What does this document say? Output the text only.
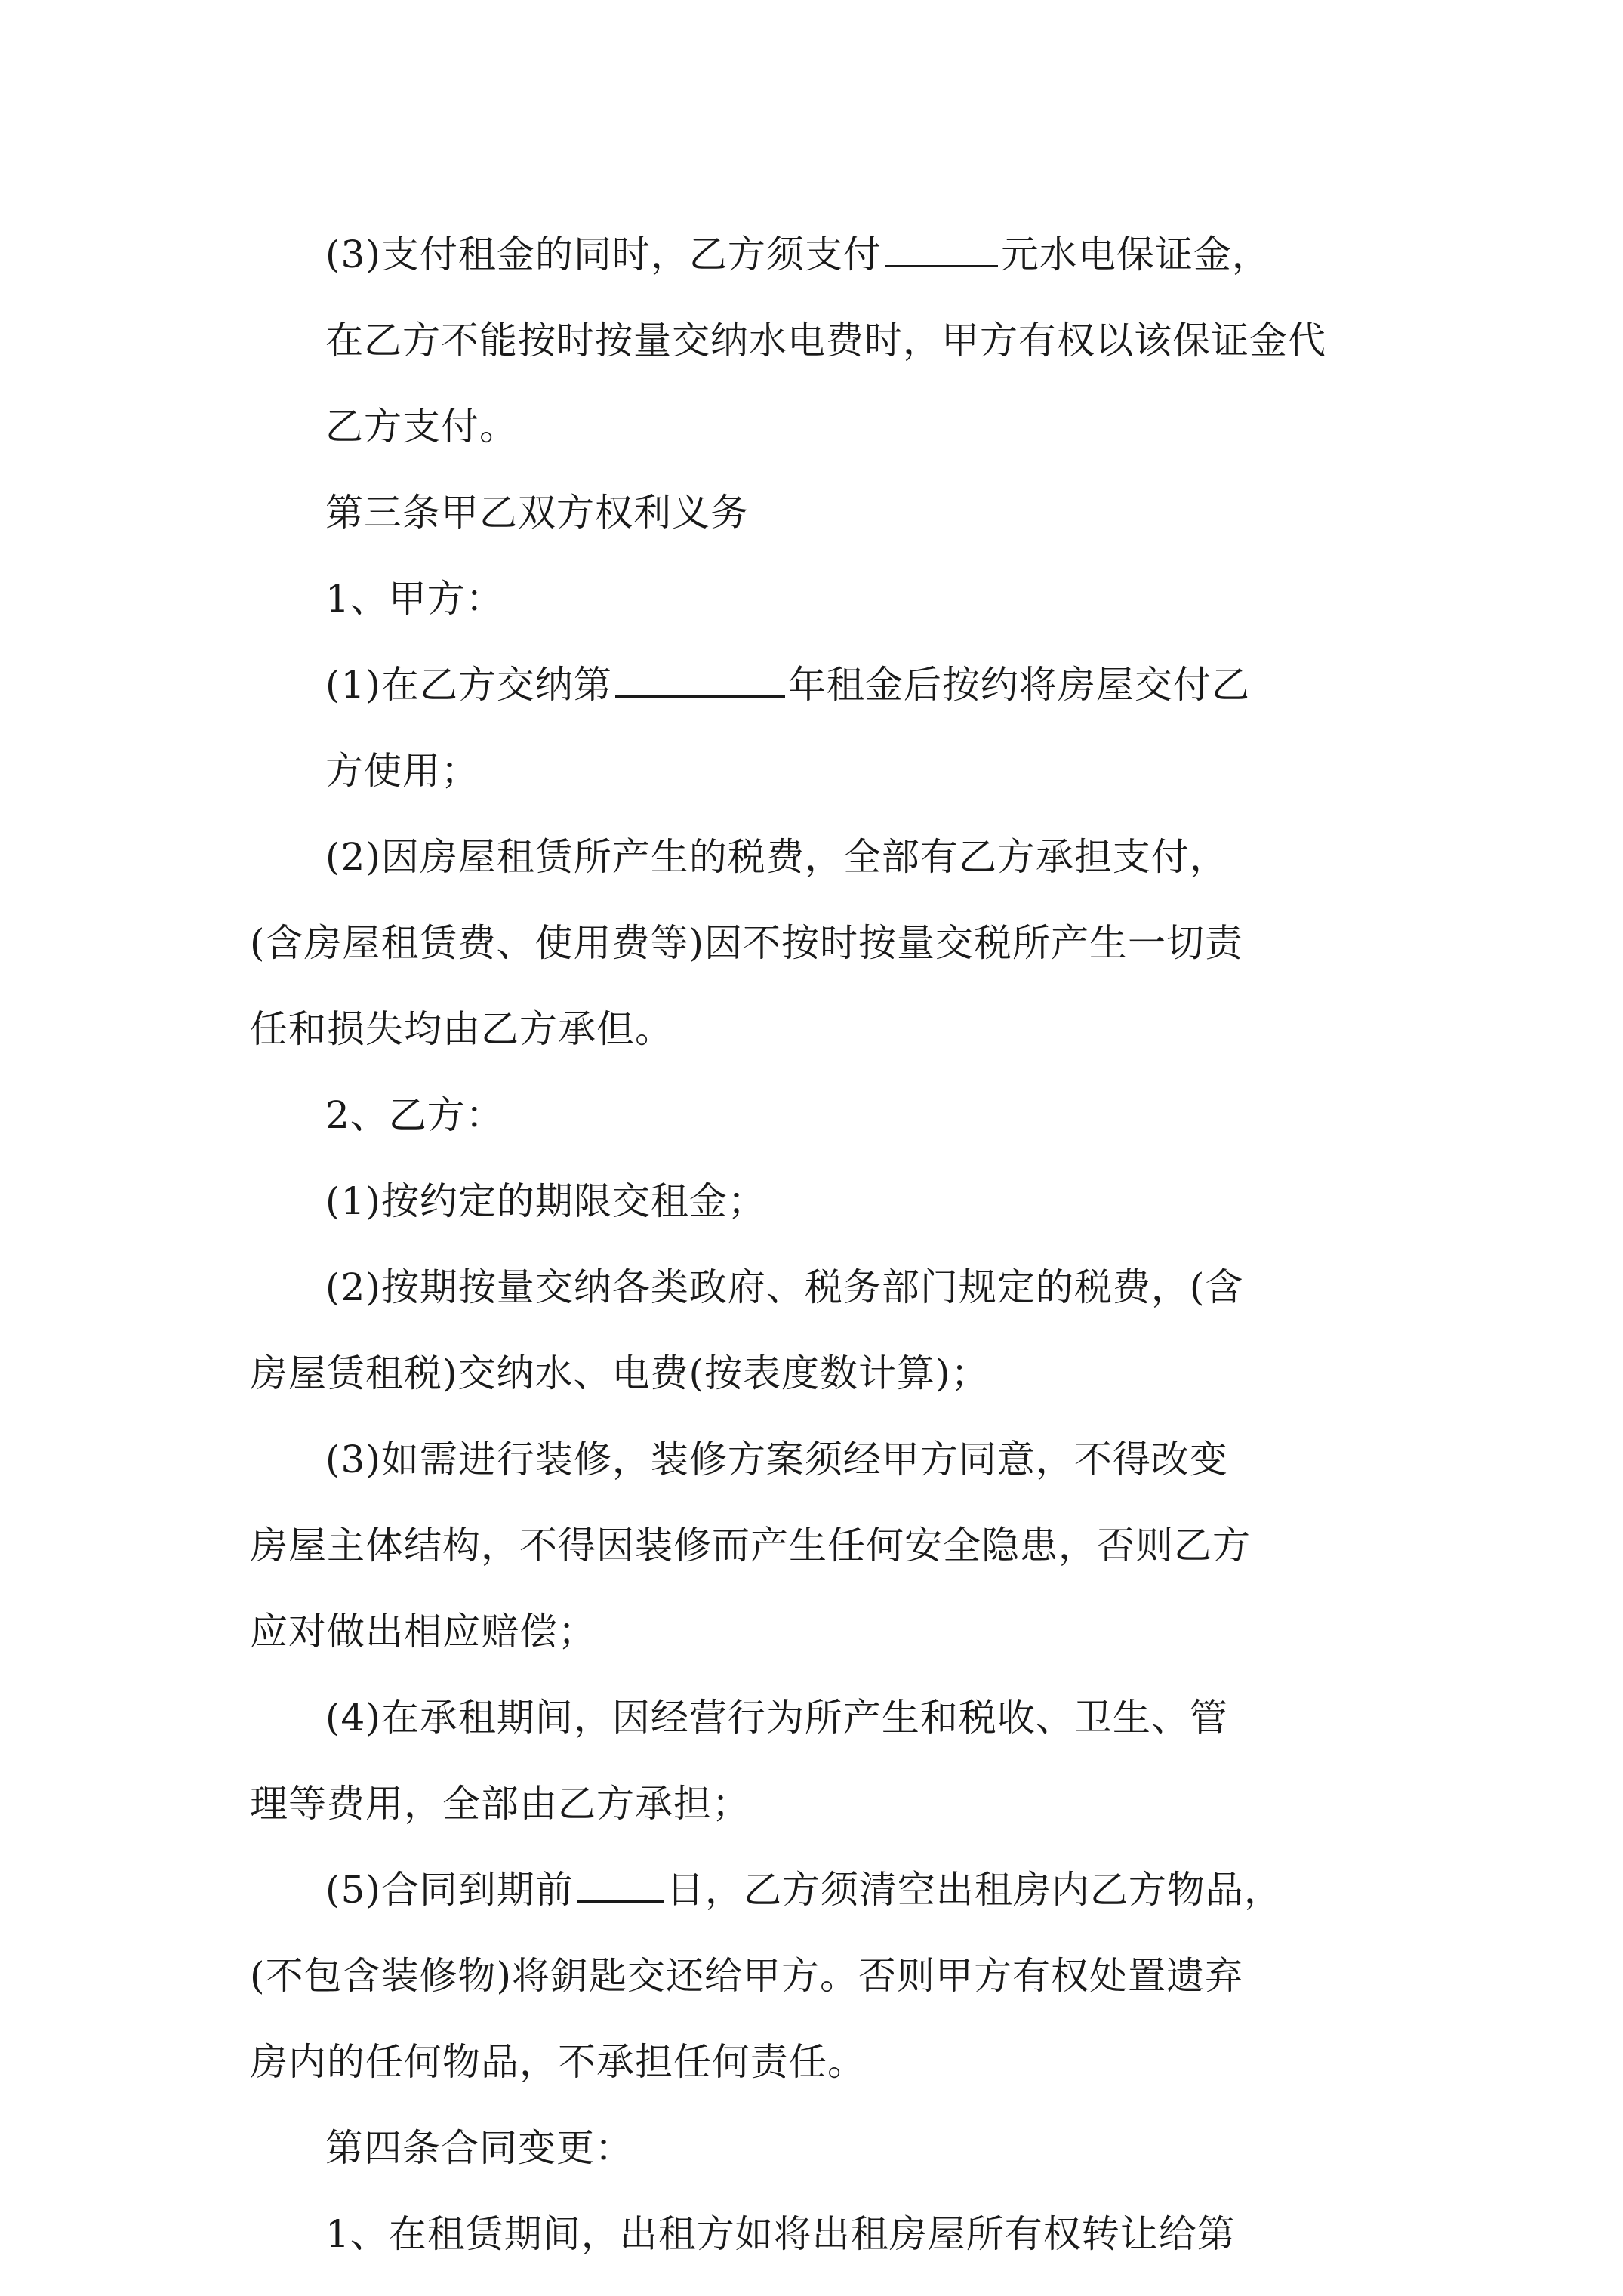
(3)支付租金的同时，乙方须支付	元水电保证金，
在乙方不能按时按量交纳水电费时，甲方有权以该保证金代
乙方支付。

第三条甲乙双方权利义务

1、甲方：

(1)在乙方交纳第	年租金后按约将房屋交付乙
方使用；

(2)因房屋租赁所产生的税费，全部有乙方承担支付，
(含房屋租赁费、使用费等)因不按时按量交税所产生一切责
任和损失均由乙方承但。

2、乙方：

(1)按约定的期限交租金；

(2)按期按量交纳各类政府、税务部门规定的税费，(含
房屋赁租税)交纳水、电费(按表度数计算)；

(3)如需进行装修，装修方案须经甲方同意，不得改变
房屋主体结构，不得因装修而产生任何安全隐患，否则乙方
应对做出相应赔偿；

(4)在承租期间，因经营行为所产生和税收、卫生、管
理等费用，全部由乙方承担；

(5)合同到期前 日，乙方须清空出租房内乙方物品，
(不包含装修物)将鈅匙交还给甲方。否则甲方有权处置遗弃
房内的任何物品，不承担任何责任。

第四条合同变更：

1、在租赁期间，出租方如将出租房屋所有权转让给第
